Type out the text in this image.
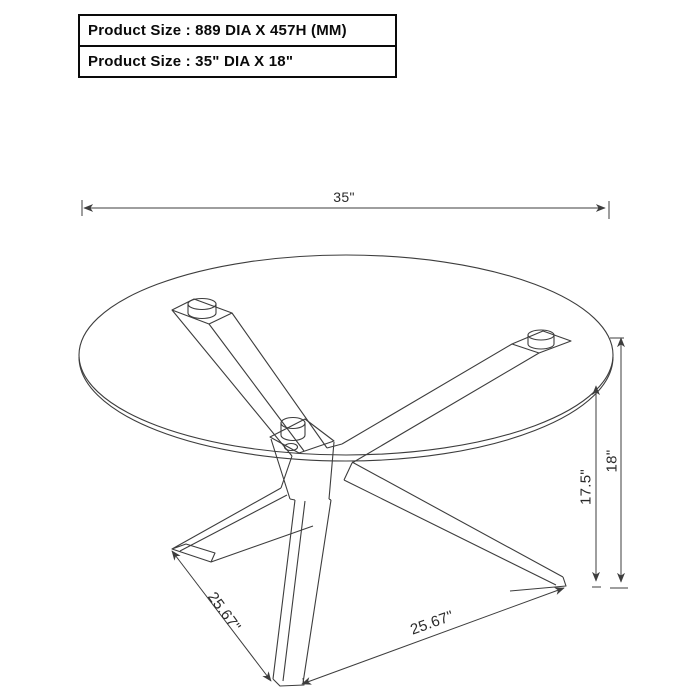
Product Size : 889 DIA X 457H (MM)
Product Size : 35" DIA X 18"
35"
18"
17.5"
25.67"	25.67"
